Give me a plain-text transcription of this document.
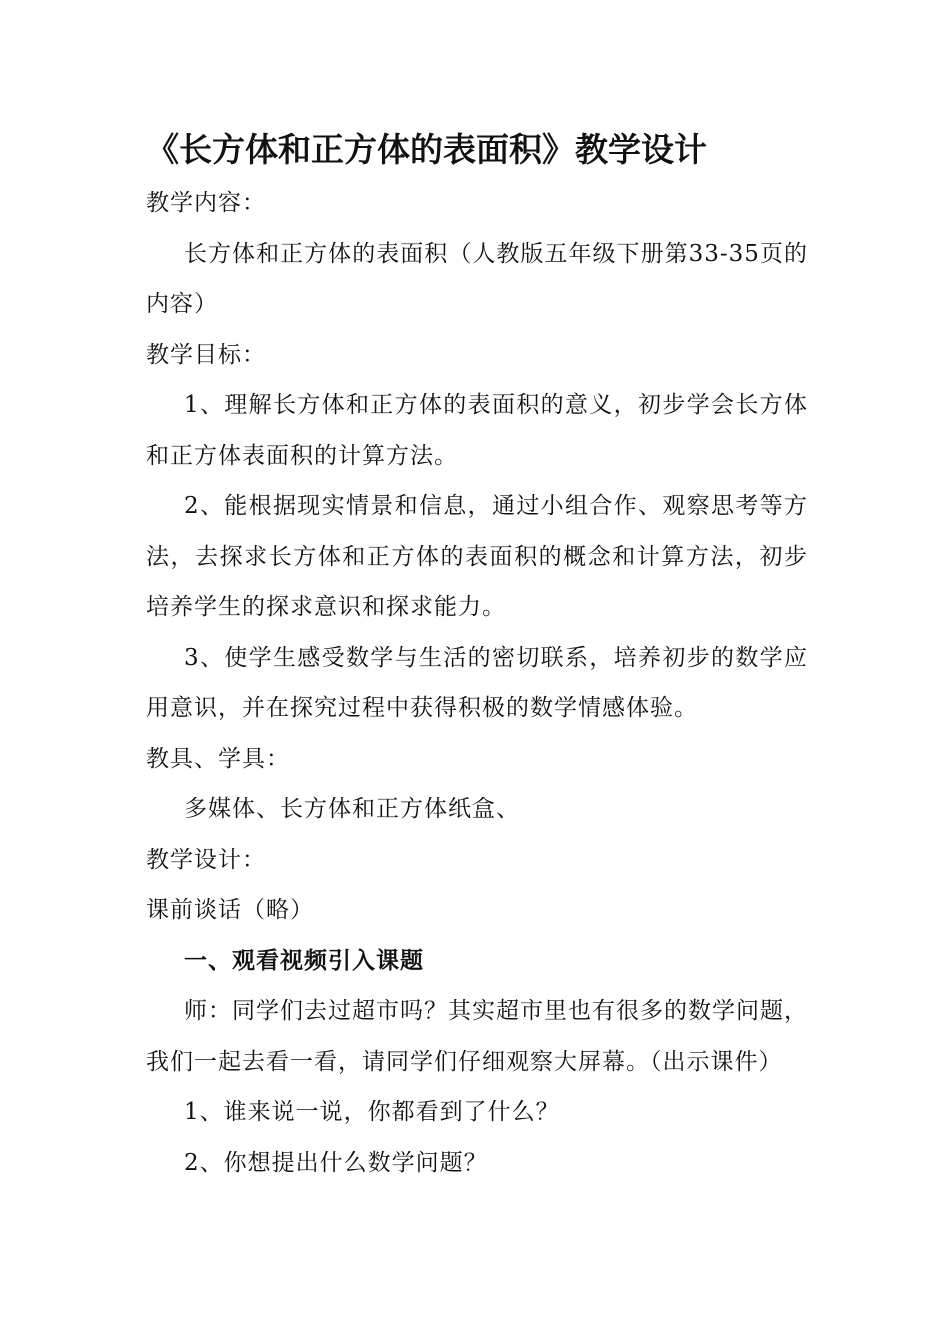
《长方体和正方体的表面积》教学设计

教学内容：

长方体和正方体的表面积（人教版五年级下册第33-35页的内容）

教学目标：

1、理解长方体和正方体的表面积的意义，初步学会长方体和正方体表面积的计算方法。

2、能根据现实情景和信息，通过小组合作、观察思考等方法，去探求长方体和正方体的表面积的概念和计算方法，初步培养学生的探求意识和探求能力。

3、使学生感受数学与生活的密切联系，培养初步的数学应用意识，并在探究过程中获得积极的数学情感体验。

教具、学具：

多媒体、长方体和正方体纸盒、

教学设计：

课前谈话（略）

一、观看视频引入课题

师：同学们去过超市吗？其实超市里也有很多的数学问题，我们一起去看一看，请同学们仔细观察大屏幕。（出示课件）

1、谁来说一说，你都看到了什么？

2、你想提出什么数学问题？
